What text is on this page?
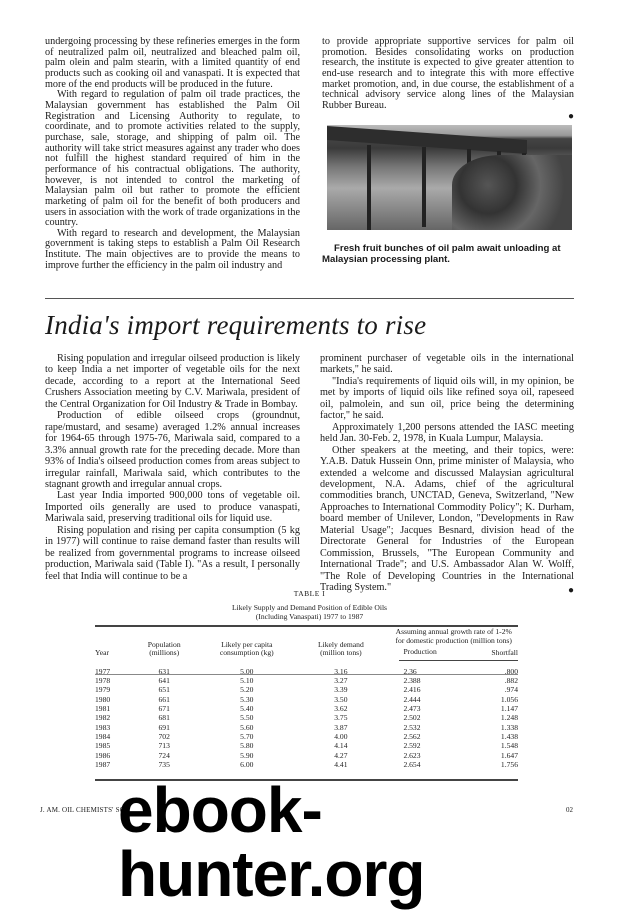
undergoing processing by these refineries emerges in the form of neutralized palm oil, neutralized and bleached palm oil, palm olein and palm stearin, with a limited quantity of end products such as cooking oil and vanaspati. It is expected that more of the end products will be produced in the future.

With regard to regulation of palm oil trade practices, the Malaysian government has established the Palm Oil Registration and Licensing Authority to regulate, to coordinate, and to promote activities related to the supply, purchase, sale, storage, and shipping of palm oil. The authority will take strict measures against any trader who does not fulfill the highest standard required of him in the performance of his contractual obligations. The authority, however, is not intended to control the marketing of Malaysian palm oil but rather to promote the efficient marketing of palm oil for the benefit of both producers and users in association with the work of trade organizations in the country.

With regard to research and development, the Malaysian government is taking steps to establish a Palm Oil Research Institute. The main objectives are to provide the means to improve further the efficiency in the palm oil industry and

to provide appropriate supportive services for palm oil promotion. Besides consolidating works on production research, the institute is expected to give greater attention to end-use research and to integrate this with more effective market promotion, and, in due course, the establishment of a technical advisory service along lines of the Malaysian Rubber Bureau.

●
Fresh fruit bunches of oil palm await unloading at
Malaysian processing plant.
India's import requirements to rise

Rising population and irregular oilseed production is likely to keep India a net importer of vegetable oils for the next decade, according to a report at the International Seed Crushers Association meeting by C.V. Mariwala, president of the Central Organization for Oil Industry & Trade in Bombay.

Production of edible oilseed crops (groundnut, rape/mustard, and sesame) averaged 1.2% annual increases for 1964-65 through 1975-76, Mariwala said, compared to a 3.3% annual growth rate for the preceding decade. More than 93% of India's oilseed production comes from areas subject to irregular rainfall, Mariwala said, which contributes to the stagnant growth and irregular annual crops.

Last year India imported 900,000 tons of vegetable oil. Imported oils generally are used to produce vanaspati, Mariwala said, preserving traditional oils for liquid use.

Rising population and rising per capita consumption (5 kg in 1977) will continue to raise demand faster than results will be realized from governmental programs to increase oilseed production, Mariwala said (Table I). "As a result, I personally feel that India will continue to be a

prominent purchaser of vegetable oils in the international markets," he said.

"India's requirements of liquid oils will, in my opinion, be met by imports of liquid oils like refined soya oil, rapeseed oil, palmolein, and sun oil, price being the determining factor," he said.

Approximately 1,200 persons attended the IASC meeting held Jan. 30-Feb. 2, 1978, in Kuala Lumpur, Malaysia.

Other speakers at the meeting, and their topics, were: Y.A.B. Datuk Hussein Onn, prime minister of Malaysia, who extended a welcome and discussed Malaysian agricultural development, N.A. Adams, chief of the agricultural commodities branch, UNCTAD, Geneva, Switzerland, "New Approaches to International Commodity Policy"; K. Durham, board member of Unilever, London, "Developments in Raw Material Usage"; Jacques Besnard, division head of the Directorate General for Industries of the European Commission, Brussels, "The European Community and International Trade"; and U.S. Ambassador Alan W. Wolff, "The Role of Developing Countries in the International Trading System."	●
TABLE I
Likely Supply and Demand Position of Edible Oils
(Including Vanaspati) 1977 to 1987
Year	Population (millions)	Likely per capita consumption (kg)	Likely demand (million tons)	Assuming annual growth rate of 1-2% for domestic production (million tons)	
				Production	Shortfall

1977	631	5.00	3.16	2.36	.800
1978	641	5.10	3.27	2.388	.882
1979	651	5.20	3.39	2.416	.974
1980	661	5.30	3.50	2.444	1.056
1981	671	5.40	3.62	2.473	1.147
1982	681	5.50	3.75	2.502	1.248
1983	691	5.60	3.87	2.532	1.338
1984	702	5.70	4.00	2.562	1.438
1985	713	5.80	4.14	2.592	1.548
1986	724	5.90	4.27	2.623	1.647
1987	735	6.00	4.41	2.654	1.756
J. AM. OIL CHEMISTS' SO	02
ebook-hunter.org
